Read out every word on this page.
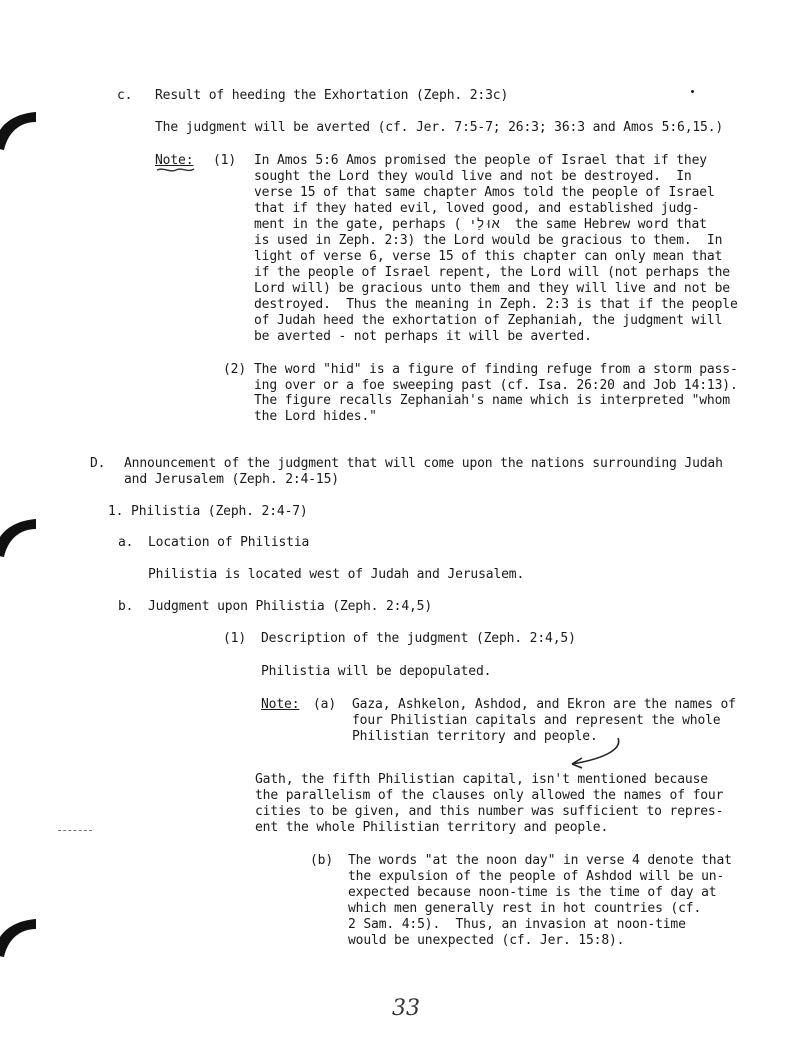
c. Result of heeding the Exhortation (Zeph. 2:3c)
The judgment will be averted (cf. Jer. 7:5-7; 26:3; 36:3 and Amos 5:6,15.)
Note: (1) In Amos 5:6 Amos promised the people of Israel that if they
sought the Lord they would live and not be destroyed.  In
verse 15 of that same chapter Amos told the people of Israel
that if they hated evil, loved good, and established judg-
ment in the gate, perhaps ( אוּלַי  the same Hebrew word that
is used in Zeph. 2:3) the Lord would be gracious to them.  In
light of verse 6, verse 15 of this chapter can only mean that
if the people of Israel repent, the Lord will (not perhaps the
Lord will) be gracious unto them and they will live and not be
destroyed.  Thus the meaning in Zeph. 2:3 is that if the people
of Judah heed the exhortation of Zephaniah, the judgment will
be averted - not perhaps it will be averted.
(2) The word "hid" is a figure of finding refuge from a storm pass-
ing over or a foe sweeping past (cf. Isa. 26:20 and Job 14:13).
The figure recalls Zephaniah's name which is interpreted "whom
the Lord hides."
D. Announcement of the judgment that will come upon the nations surrounding Judah
and Jerusalem (Zeph. 2:4-15)
1. Philistia (Zeph. 2:4-7)
a. Location of Philistia
Philistia is located west of Judah and Jerusalem.
b. Judgment upon Philistia (Zeph. 2:4,5)
(1) Description of the judgment (Zeph. 2:4,5)
Philistia will be depopulated.
Note: (a) Gaza, Ashkelon, Ashdod, and Ekron are the names of
four Philistian capitals and represent the whole
Philistian territory and people.
Gath, the fifth Philistian capital, isn't mentioned because
the parallelism of the clauses only allowed the names of four
cities to be given, and this number was sufficient to repres-
ent the whole Philistian territory and people.
(b) The words "at the noon day" in verse 4 denote that
the expulsion of the people of Ashdod will be un-
expected because noon-time is the time of day at
which men generally rest in hot countries (cf.
2 Sam. 4:5).  Thus, an invasion at noon-time
would be unexpected (cf. Jer. 15:8).
33
